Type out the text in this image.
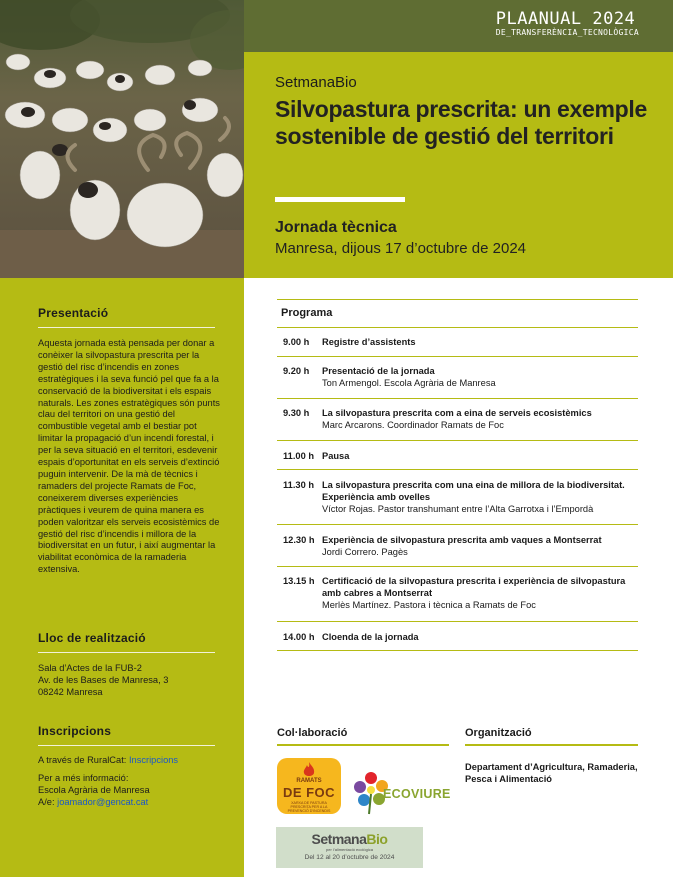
PLAANUAL 2024
DE_TRANSFERÈNCIA_TECNOLÒGICA
SetmanaBio
Silvopastura prescrita: un exemple sostenible de gestió del territori
Jornada tècnica
Manresa, dijous 17 d’octubre de 2024
Presentació
Aquesta jornada està pensada per donar a conèixer la silvopastura prescrita per la gestió del risc d’incendis en zones estratègiques i la seva funció pel que fa a la conservació de la biodiversitat i els espais naturals. Les zones estratègiques són punts clau del territori on una gestió del combustible vegetal amb el bestiar pot limitar la propagació d’un incendi forestal, i per la seva situació en el territori, esdevenir espais d’oportunitat en els serveis d’extinció puguin intervenir. De la mà de tècnics i ramaders del projecte Ramats de Foc, coneixerem diverses experiències pràctiques i veurem de quina manera es poden valoritzar els serveis ecosistèmics de gestió del risc d’incendis i millora de la biodiversitat en un futur, i així augmentar la viabilitat econòmica de la ramaderia extensiva.
Lloc de realització
Sala d’Actes de la FUB-2
Av. de les Bases de Manresa, 3
08242 Manresa
Inscripcions
A través de RuralCat: Inscripcions
Per a més informació:
Escola Agrària de Manresa
A/e: joamador@gencat.cat
Programa
9.00 h Registre d’assistents
9.20 h Presentació de la jornada
Ton Armengol. Escola Agrària de Manresa
9.30 h La silvopastura prescrita com a eina de serveis ecosistèmics
Marc Arcarons. Coordinador Ramats de Foc
11.00 h Pausa
11.30 h La silvopastura prescrita com una eina de millora de la biodiversitat. Experiència amb ovelles
Víctor Rojas. Pastor transhumant entre l’Alta Garrotxa i l’Empordà
12.30 h Experiència de silvopastura prescrita amb vaques a Montserrat
Jordi Correro. Pagès
13.15 h Certificació de la silvopastura prescrita i experiència de silvopastura amb cabres a Montserrat
Merlès Martínez. Pastora i tècnica a Ramats de Foc
14.00 h Cloenda de la jornada
Col·laboració	Organització
Departament d’Agricultura, Ramaderia, Pesca i Alimentació
RAMATS
DE FOC
XARXA DE PASTURA PRESCRITA PER A LA PREVENCIÓ D’INCENDIS
ECOVIURE
SetmanaBio
per l’alimentació ecològica
Del 12 al 20 d’octubre de 2024
